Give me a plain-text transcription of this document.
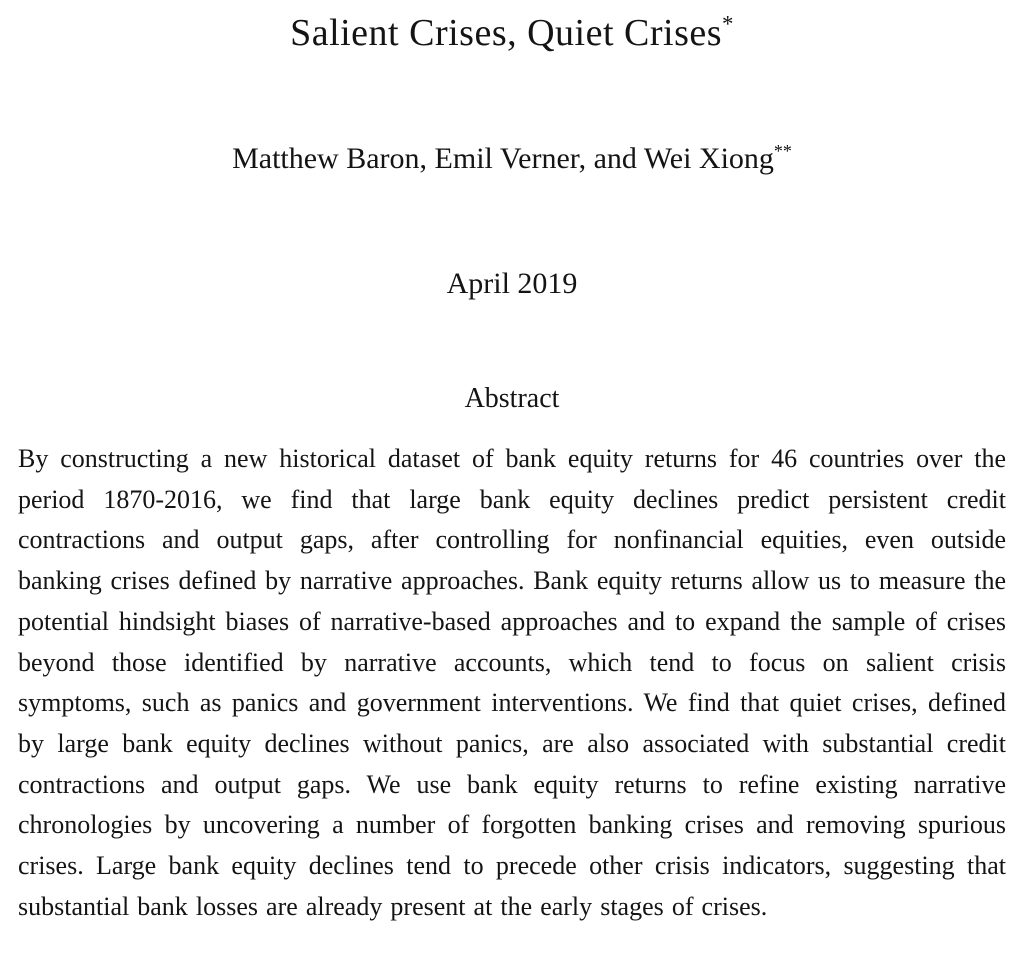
Salient Crises, Quiet Crises*
Matthew Baron, Emil Verner, and Wei Xiong**
April 2019
Abstract

By constructing a new historical dataset of bank equity returns for 46 countries over the period 1870-2016, we find that large bank equity declines predict persistent credit contractions and output gaps, after controlling for nonfinancial equities, even outside banking crises defined by narrative approaches. Bank equity returns allow us to measure the potential hindsight biases of narrative-based approaches and to expand the sample of crises beyond those identified by narrative accounts, which tend to focus on salient crisis symptoms, such as panics and government interventions. We find that quiet crises, defined by large bank equity declines without panics, are also associated with substantial credit contractions and output gaps. We use bank equity returns to refine existing narrative chronologies by uncovering a number of forgotten banking crises and removing spurious crises. Large bank equity declines tend to precede other crisis indicators, suggesting that substantial bank losses are already present at the early stages of crises.
